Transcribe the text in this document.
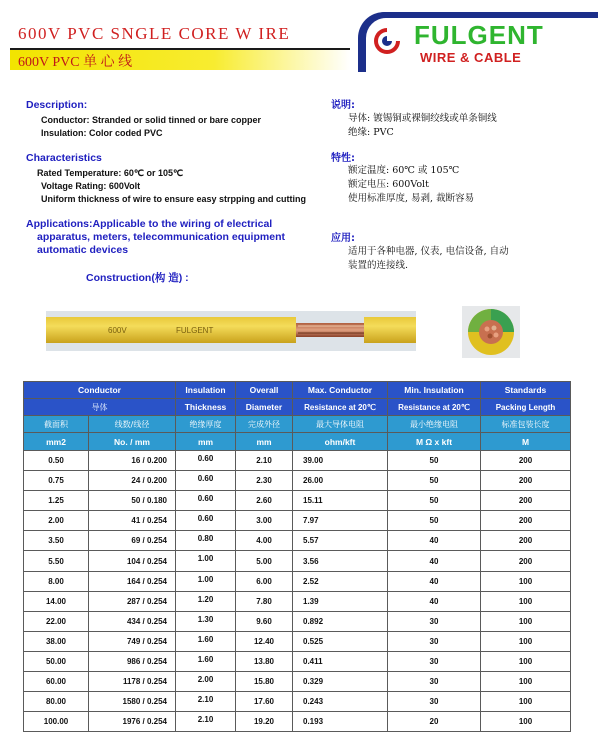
600V PVC SNGLE CORE W IRE
600V PVC 单 心 线
FULGENT
WIRE & CABLE
Description:
Conductor: Stranded or solid tinned or bare copper
Insulation: Color coded PVC
Characteristics
Rated Temperature: 60℃ or 105℃
Voltage Rating: 600Volt
Uniform thickness of wire to ensure easy strpping and cutting
Applications:Applicable to the wiring of electrical
apparatus, meters, telecommunication equipment
automatic devices
Construction(构 造) :
说明:
导体: 镀锡铜或裸铜绞线或单条铜线
绝缘: PVC
特性:
额定温度: 60℃ 或 105℃
额定电压: 600Volt
使用标准厚度, 易剥, 裁断容易
应用:
适用于各种电器, 仪表, 电信设备, 自动
装置的连接线.
600V	FULGENT
Conductor		Insulation	Overall	Max. Conductor	Min. Insulation	Standards
导体		Thickness	Diameter	Resistance at 20℃	Resistance at 20℃	Packing Length
截面积	线数/线径	绝缘厚度	完成外径	最大导体电阻	最小绝缘电阻	标准包装长度
mm2	No. / mm	mm	mm	ohm/kft	M Ω x kft	M
0.50	16 / 0.200	0.60	2.10	39.00	50	200
0.75	24 / 0.200	0.60	2.30	26.00	50	200
1.25	50 / 0.180	0.60	2.60	15.11	50	200
2.00	41 / 0.254	0.60	3.00	7.97	50	200
3.50	69 / 0.254	0.80	4.00	5.57	40	200
5.50	104 / 0.254	1.00	5.00	3.56	40	200
8.00	164 / 0.254	1.00	6.00	2.52	40	100
14.00	287 / 0.254	1.20	7.80	1.39	40	100
22.00	434 / 0.254	1.30	9.60	0.892	30	100
38.00	749 / 0.254	1.60	12.40	0.525	30	100
50.00	986 / 0.254	1.60	13.80	0.411	30	100
60.00	1178 / 0.254	2.00	15.80	0.329	30	100
80.00	1580 / 0.254	2.10	17.60	0.243	30	100
100.00	1976 / 0.254	2.10	19.20	0.193	20	100
